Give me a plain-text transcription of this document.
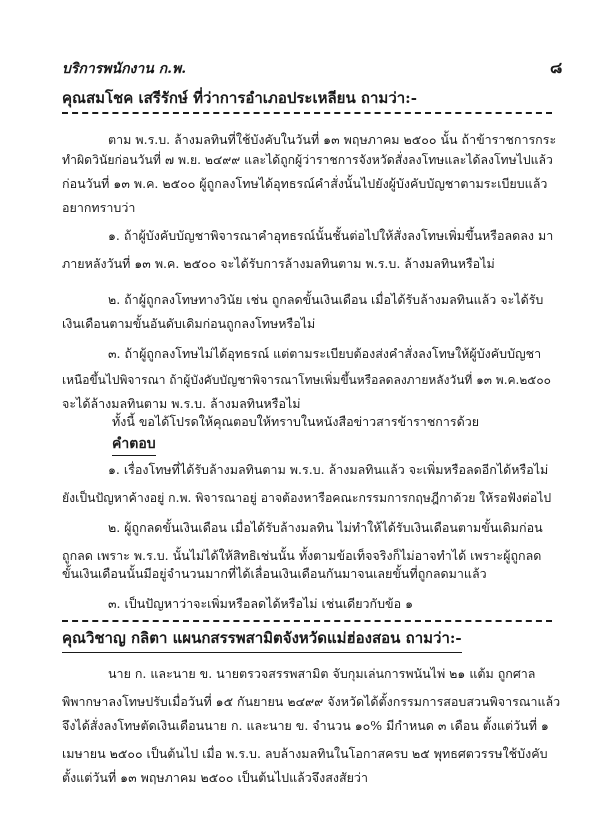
บริการพนักงาน ก.พ.	๘
คุณสมโชค เสรีรักษ์ ที่ว่าการอำเภอประเหลียน ถามว่า:-
ตาม พ.ร.บ. ล้างมลทินที่ใช้บังคับในวันที่ ๑๓ พฤษภาคม ๒๕๐๐ นั้น ถ้าข้าราชการกระ
ทำผิดวินัยก่อนวันที่ ๗ พ.ย. ๒๔๙๙ และได้ถูกผู้ว่าราชการจังหวัดสั่งลงโทษและได้ลงโทษไปแล้ว
ก่อนวันที่ ๑๓ พ.ค. ๒๕๐๐ ผู้ถูกลงโทษได้อุทธรณ์คำสั่งนั้นไปยังผู้บังคับบัญชาตามระเบียบแล้ว
อยากทราบว่า
๑. ถ้าผู้บังคับบัญชาพิจารณาคำอุทธรณ์นั้นชั้นต่อไปให้สั่งลงโทษเพิ่มขึ้นหรือลดลง มา
ภายหลังวันที่ ๑๓ พ.ค. ๒๕๐๐ จะได้รับการล้างมลทินตาม พ.ร.บ. ล้างมลทินหรือไม่
๒. ถ้าผู้ถูกลงโทษทางวินัย เช่น ถูกลดขั้นเงินเดือน เมื่อได้รับล้างมลทินแล้ว จะได้รับ
เงินเดือนตามขั้นอันดับเดิมก่อนถูกลงโทษหรือไม่
๓. ถ้าผู้ถูกลงโทษไม่ได้อุทธรณ์ แต่ตามระเบียบต้องส่งคำสั่งลงโทษให้ผู้บังคับบัญชา
เหนือขึ้นไปพิจารณา ถ้าผู้บังคับบัญชาพิจารณาโทษเพิ่มขึ้นหรือลดลงภายหลังวันที่ ๑๓ พ.ค.๒๕๐๐
จะได้ล้างมลทินตาม พ.ร.บ. ล้างมลทินหรือไม่
ทั้งนี้ ขอได้โปรดให้คุณตอบให้ทราบในหนังสือข่าวสารข้าราชการด้วย
คำตอบ
๑. เรื่องโทษที่ได้รับล้างมลทินตาม พ.ร.บ. ล้างมลทินแล้ว จะเพิ่มหรือลดอีกได้หรือไม่
ยังเป็นปัญหาค้างอยู่ ก.พ. พิจารณาอยู่ อาจต้องหารือคณะกรรมการกฤษฎีกาด้วย ให้รอฟังต่อไป
๒. ผู้ถูกลดขั้นเงินเดือน เมื่อได้รับล้างมลทิน ไม่ทำให้ได้รับเงินเดือนตามขั้นเดิมก่อน
ถูกลด เพราะ พ.ร.บ. นั้นไม่ได้ให้สิทธิเช่นนั้น ทั้งตามข้อเท็จจริงก็ไม่อาจทำได้ เพราะผู้ถูกลด
ขั้นเงินเดือนนั้นมีอยู่จำนวนมากที่ได้เลื่อนเงินเดือนกันมาจนเลยขั้นที่ถูกลดมาแล้ว
๓. เป็นปัญหาว่าจะเพิ่มหรือลดได้หรือไม่ เช่นเดียวกับข้อ ๑
คุณวิชาญ กลิตา แผนกสรรพสามิตจังหวัดแม่ฮ่องสอน ถามว่า:-
นาย ก. และนาย ข. นายตรวจสรรพสามิต จับกุมเล่นการพนันไพ่ ๒๑ แต้ม ถูกศาล
พิพากษาลงโทษปรับเมื่อวันที่ ๑๕ กันยายน ๒๔๙๙ จังหวัดได้ตั้งกรรมการสอบสวนพิจารณาแล้ว
จึงได้สั่งลงโทษตัดเงินเดือนนาย ก. และนาย ข. จำนวน ๑๐% มีกำหนด ๓ เดือน ตั้งแต่วันที่ ๑
เมษายน ๒๕๐๐ เป็นต้นไป เมื่อ พ.ร.บ. ลบล้างมลทินในโอกาสครบ ๒๕ พุทธศตวรรษใช้บังคับ
ตั้งแต่วันที่ ๑๓ พฤษภาคม ๒๕๐๐ เป็นต้นไปแล้วจึงสงสัยว่า
